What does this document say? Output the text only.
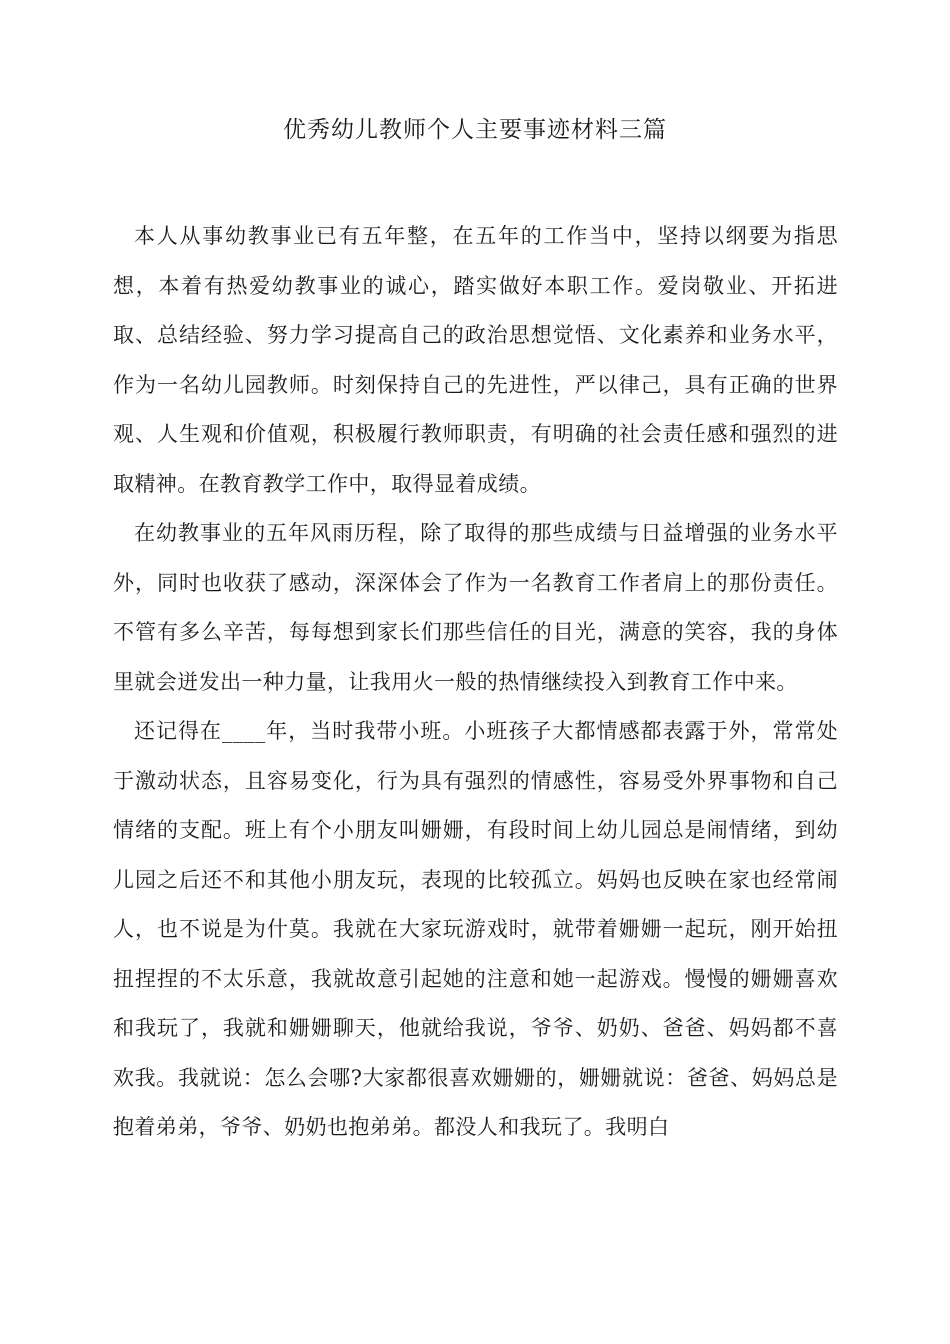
优秀幼儿教师个人主要事迹材料三篇

本人从事幼教事业已有五年整，在五年的工作当中，坚持以纲要为指思想，本着有热爱幼教事业的诚心，踏实做好本职工作。爱岗敬业、开拓进取、总结经验、努力学习提高自己的政治思想觉悟、文化素养和业务水平，作为一名幼儿园教师。时刻保持自己的先进性，严以律己，具有正确的世界观、人生观和价值观，积极履行教师职责，有明确的社会责任感和强烈的进取精神。在教育教学工作中，取得显着成绩。

在幼教事业的五年风雨历程，除了取得的那些成绩与日益增强的业务水平外，同时也收获了感动，深深体会了作为一名教育工作者肩上的那份责任。不管有多么辛苦，每每想到家长们那些信任的目光，满意的笑容，我的身体里就会迸发出一种力量，让我用火一般的热情继续投入到教育工作中来。

还记得在____年，当时我带小班。小班孩子大都情感都表露于外，常常处于激动状态，且容易变化，行为具有强烈的情感性，容易受外界事物和自己情绪的支配。班上有个小朋友叫姗姗，有段时间上幼儿园总是闹情绪，到幼儿园之后还不和其他小朋友玩，表现的比较孤立。妈妈也反映在家也经常闹人，也不说是为什莫。我就在大家玩游戏时，就带着姗姗一起玩，刚开始扭扭捏捏的不太乐意，我就故意引起她的注意和她一起游戏。慢慢的姗姗喜欢和我玩了，我就和姗姗聊天，他就给我说，爷爷、奶奶、爸爸、妈妈都不喜欢我。我就说：怎么会哪?大家都很喜欢姗姗的，姗姗就说：爸爸、妈妈总是抱着弟弟，爷爷、奶奶也抱弟弟。都没人和我玩了。我明白
